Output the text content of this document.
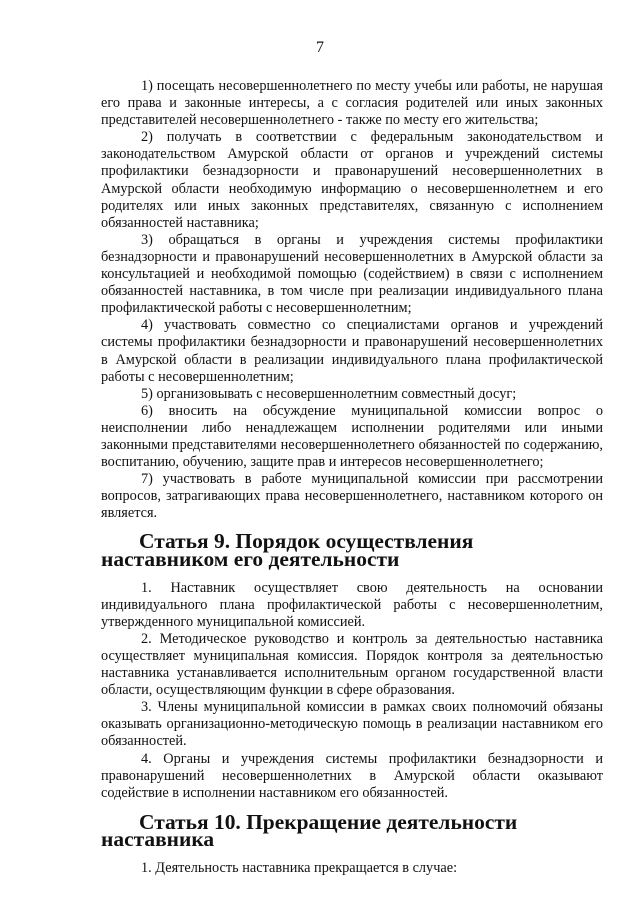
7

1) посещать несовершеннолетнего по месту учебы или работы, не нарушая его права и законные интересы, а с согласия родителей или иных законных представителей несовершеннолетнего - также по месту его жительства;

2) получать в соответствии с федеральным законодательством и законодательством Амурской области от органов и учреждений системы профилактики безнадзорности и правонарушений несовершеннолетних в Амурской области необходимую информацию о несовершеннолетнем и его родителях или иных законных представителях, связанную с исполнением обязанностей наставника;

3) обращаться в органы и учреждения системы профилактики безнадзорности и правонарушений несовершеннолетних в Амурской области за консультацией и необходимой помощью (содействием) в связи с исполнением обязанностей наставника, в том числе при реализации индивидуального плана профилактической работы с несовершеннолетним;

4) участвовать совместно со специалистами органов и учреждений системы профилактики безнадзорности и правонарушений несовершеннолетних в Амурской области в реализации индивидуального плана профилактической работы с несовершеннолетним;

5) организовывать с несовершеннолетним совместный досуг;

6) вносить на обсуждение муниципальной комиссии вопрос о неисполнении либо ненадлежащем исполнении родителями или иными законными представителями несовершеннолетнего обязанностей по содержанию, воспитанию, обучению, защите прав и интересов несовершеннолетнего;

7) участвовать в работе муниципальной комиссии при рассмотрении вопросов, затрагивающих права несовершеннолетнего, наставником которого он является.

Статья 9. Порядок осуществления наставником его деятельности

1. Наставник осуществляет свою деятельность на основании индивидуального плана профилактической работы с несовершеннолетним, утвержденного муниципальной комиссией.

2. Методическое руководство и контроль за деятельностью наставника осуществляет муниципальная комиссия. Порядок контроля за деятельностью наставника устанавливается исполнительным органом государственной власти области, осуществляющим функции в сфере образования.

3. Члены муниципальной комиссии в рамках своих полномочий обязаны оказывать организационно-методическую помощь в реализации наставником его обязанностей.

4. Органы и учреждения системы профилактики безнадзорности и правонарушений несовершеннолетних в Амурской области оказывают содействие в исполнении наставником его обязанностей.

Статья 10. Прекращение деятельности наставника

1. Деятельность наставника прекращается в случае:
